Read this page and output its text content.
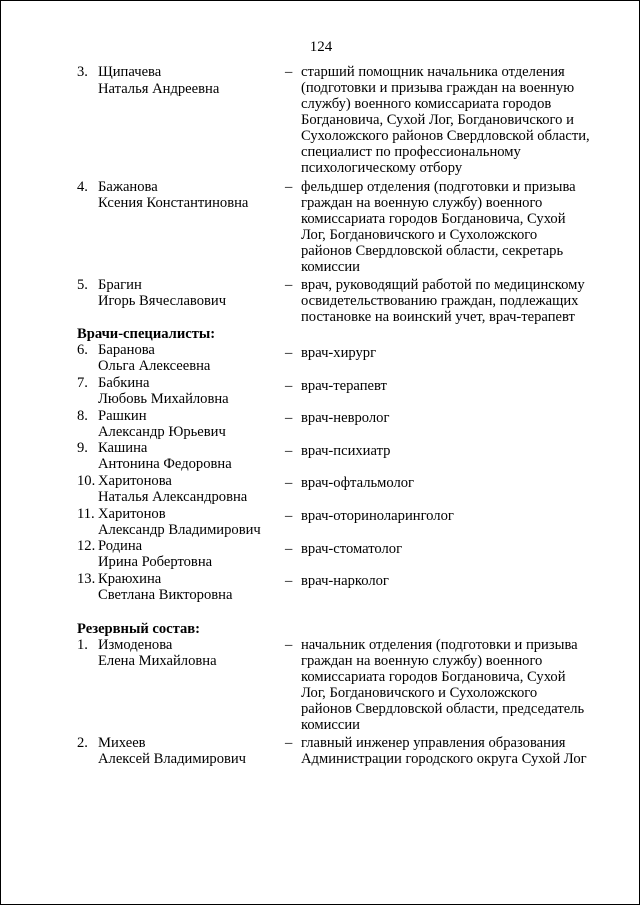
124
3. Щипачева
Наталья Андреевна
– старший помощник начальника отделения
(подготовки и призыва граждан на военную
службу) военного комиссариата городов
Богдановича, Сухой Лог, Богдановичского и
Сухоложского районов Свердловской области,
специалист по профессиональному
психологическому отбору
4. Бажанова
Ксения Константиновна
– фельдшер отделения (подготовки и призыва
граждан на военную службу) военного
комиссариата городов Богдановича, Сухой
Лог, Богдановичского и Сухоложского
районов Свердловской области, секретарь
комиссии
5. Брагин
Игорь Вячеславович
– врач, руководящий работой по медицинскому
освидетельствованию граждан, подлежащих
постановке на воинский учет, врач-терапевт
Врачи-специалисты:
6. Баранова
Ольга Алексеевна
– врач-хирург
7. Бабкина
Любовь Михайловна
– врач-терапевт
8. Рашкин
Александр Юрьевич
– врач-невролог
9. Кашина
Антонина Федоровна
– врач-психиатр
10. Харитонова
Наталья Александровна
– врач-офтальмолог
11. Харитонов
Александр Владимирович
– врач-оториноларинголог
12. Родина
Ирина Робертовна
– врач-стоматолог
13. Краюхина
Светлана Викторовна
– врач-нарколог
Резервный состав:
1. Измоденова
Елена Михайловна
– начальник отделения (подготовки и призыва
граждан на военную службу) военного
комиссариата городов Богдановича, Сухой
Лог, Богдановичского и Сухоложского
районов Свердловской области, председатель
комиссии
2. Михеев
Алексей Владимирович
– главный инженер управления образования
Администрации городского округа Сухой Лог
